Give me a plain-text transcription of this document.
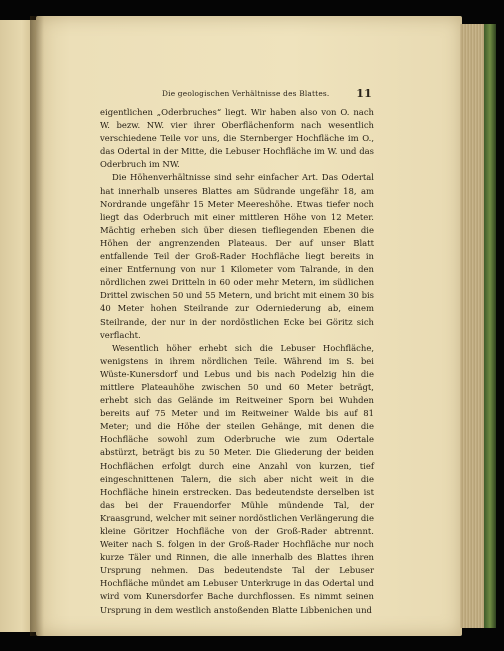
Die geologischen Verhältnisse des Blattes. 11

eigentlichen „Oderbruches“ liegt. Wir haben also von O. nach W. bezw. NW. vier ihrer Oberflächenform nach wesentlich verschiedene Teile vor uns, die Sternberger Hochfläche im O., das Odertal in der Mitte, die Lebuser Hochfläche im W. und das Oderbruch im NW.

Die Höhenverhältnisse sind sehr einfacher Art. Das Odertal hat innerhalb unseres Blattes am Südrande ungefähr 18, am Nordrande ungefähr 15 Meter Meereshöhe. Etwas tiefer noch liegt das Oderbruch mit einer mittleren Höhe von 12 Meter. Mächtig erheben sich über diesen tiefliegenden Ebenen die Höhen der angrenzenden Plateaus. Der auf unser Blatt entfallende Teil der Groß-Rader Hochfläche liegt bereits in einer Entfernung von nur 1 Kilometer vom Talrande, in den nördlichen zwei Dritteln in 60 oder mehr Metern, im südlichen Drittel zwischen 50 und 55 Metern, und bricht mit einem 30 bis 40 Meter hohen Steilrande zur Oderniederung ab, einem Steilrande, der nur in der nordöstlichen Ecke bei Göritz sich verflacht.

Wesentlich höher erhebt sich die Lebuser Hochfläche, wenigstens in ihrem nördlichen Teile. Während im S. bei Wüste-Kunersdorf und Lebus und bis nach Podelzig hin die mittlere Plateauhöhe zwischen 50 und 60 Meter beträgt, erhebt sich das Gelände im Reitweiner Sporn bei Wuhden bereits auf 75 Meter und im Reitweiner Walde bis auf 81 Meter; und die Höhe der steilen Gehänge, mit denen die Hochfläche sowohl zum Oderbruche wie zum Odertale abstürzt, beträgt bis zu 50 Meter. Die Gliederung der beiden Hochflächen erfolgt durch eine Anzahl von kurzen, tief eingeschnittenen Talern, die sich aber nicht weit in die Hochfläche hinein erstrecken. Das bedeutendste derselben ist das bei der Frauendorfer Mühle mündende Tal, der Kraasgrund, welcher mit seiner nordöstlichen Verlängerung die kleine Göritzer Hochfläche von der Groß-Rader abtrennt. Weiter nach S. folgen in der Groß-Rader Hochfläche nur noch kurze Täler und Rinnen, die alle innerhalb des Blattes ihren Ursprung nehmen. Das bedeutendste Tal der Lebuser Hochfläche mündet am Lebuser Unterkruge in das Odertal und wird vom Kunersdorfer Bache durchflossen. Es nimmt seinen Ursprung in dem westlich anstoßenden Blatte Libbenichen und
